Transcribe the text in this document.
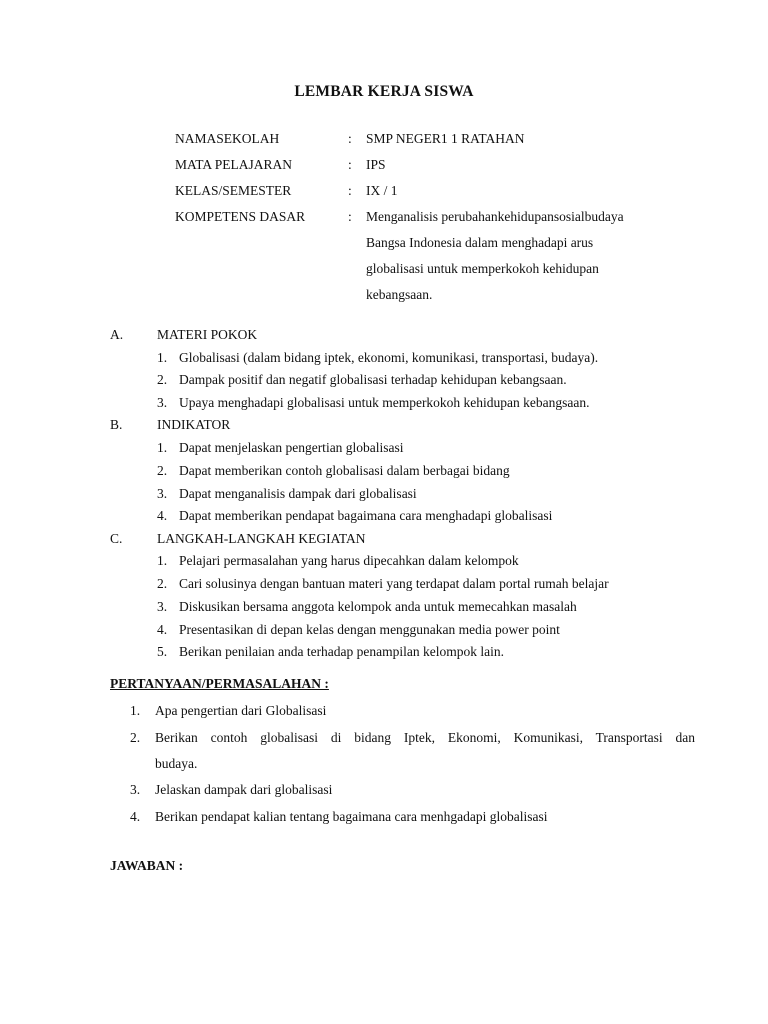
LEMBAR KERJA SISWA
NAMASEKOLAH	: SMP NEGER1 1 RATAHAN
MATA PELAJARAN	: IPS
KELAS/SEMESTER	: IX / 1
KOMPETENS DASAR	: Menganalisis perubahankehidupansosialbudaya
Bangsa Indonesia dalam menghadapi arus
globalisasi untuk memperkokoh kehidupan
kebangsaan.
A.	MATERI POKOK
1. Globalisasi (dalam bidang iptek, ekonomi, komunikasi, transportasi, budaya).
2. Dampak positif dan negatif globalisasi terhadap kehidupan kebangsaan.
3. Upaya menghadapi globalisasi untuk memperkokoh kehidupan kebangsaan.
B.	INDIKATOR
1. Dapat menjelaskan pengertian globalisasi
2. Dapat memberikan contoh globalisasi dalam berbagai bidang
3. Dapat menganalisis dampak dari globalisasi
4. Dapat memberikan pendapat bagaimana cara menghadapi globalisasi
C.	LANGKAH-LANGKAH KEGIATAN
1. Pelajari permasalahan yang harus dipecahkan dalam kelompok
2. Cari solusinya dengan bantuan materi yang terdapat dalam portal rumah belajar
3. Diskusikan bersama anggota kelompok anda untuk memecahkan masalah
4. Presentasikan di depan kelas dengan menggunakan media power point
5. Berikan penilaian anda terhadap penampilan kelompok lain.
PERTANYAAN/PERMASALAHAN :
1. Apa pengertian dari Globalisasi
2. Berikan contoh globalisasi di bidang Iptek, Ekonomi, Komunikasi, Transportasi dan
budaya.
3. Jelaskan dampak dari globalisasi
4. Berikan pendapat kalian tentang bagaimana cara menhgadapi globalisasi
JAWABAN :
